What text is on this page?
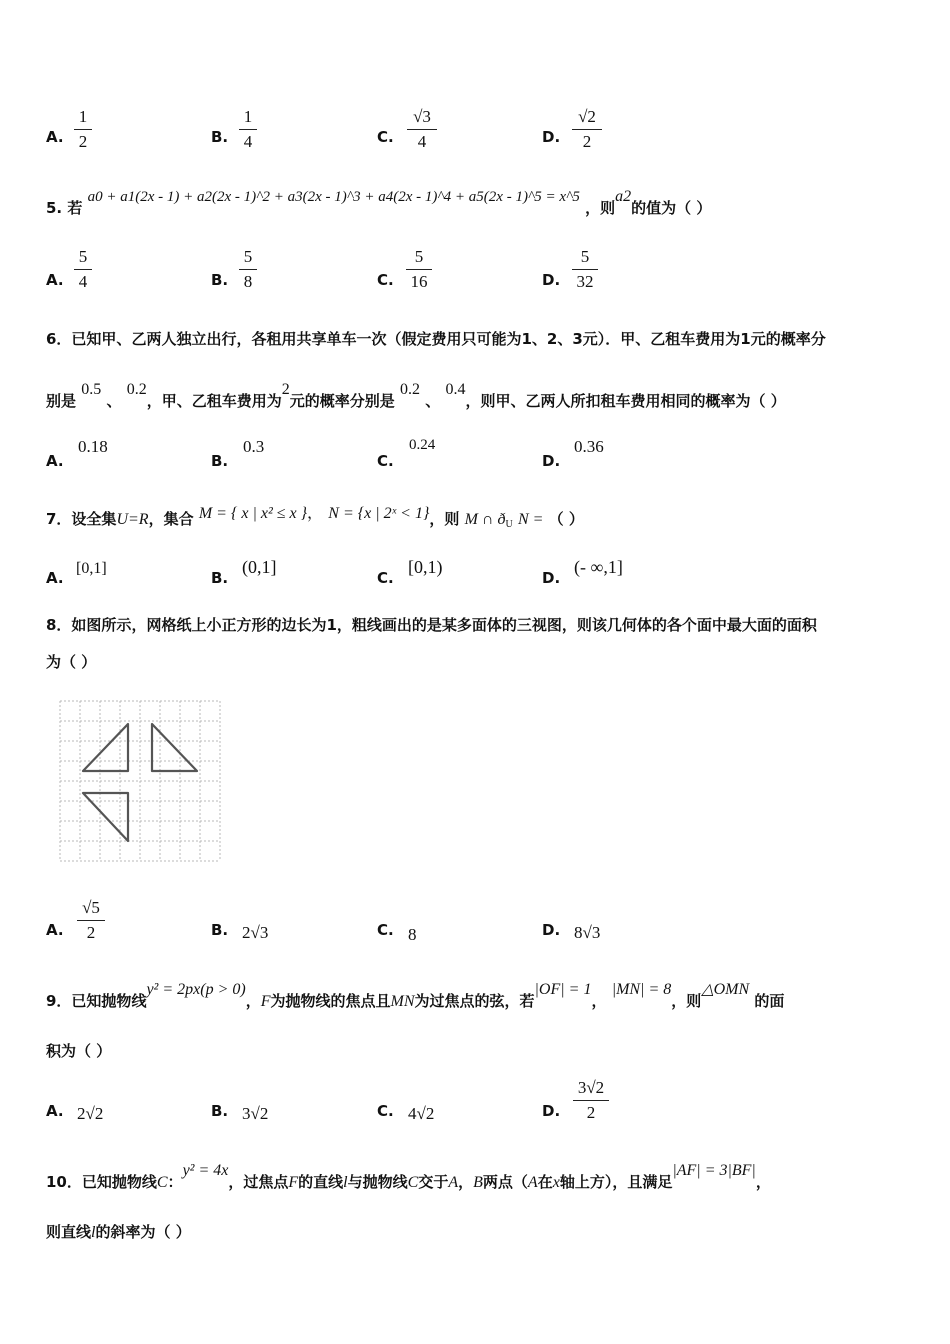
A.
1
2	B.
1
4	C.
√3
4	D.
√2
2
5. 若 a0 + a1(2x - 1) + a2(2x - 1)^2 + a3(2x - 1)^3 + a4(2x - 1)^4 + a5(2x - 1)^5 = x^5 ，则a2的值为（ ）
A.
5
4	B.
5
8	C.
5
16	D.
5
32
6．已知甲、乙两人独立出行，各租用共享单车一次（假定费用只可能为1、2、3元）．甲、乙租车费用为1元的概率分
别是 0.5 、 0.2，甲、乙租车费用为2元的概率分别是 0.2 、 0.4，则甲、乙两人所扣租车费用相同的概率为（ ）
A.
0.18
B.
0.3
C.
0.24
D.
0.36
7．设全集U=R，集合 M = { x | x² ≤ x }， N = {x | 2ˣ < 1}，则 M ∩ $ð_U$ N = （ ）
A.
[0,1]
B.
(0,1]
C.
[0,1)
D.
(- ∞,1]
8．如图所示，网格纸上小正方形的边长为1，粗线画出的是某多面体的三视图，则该几何体的各个面中最大面的面积
为（ ）
A.
√5
2	B. 2√3	C. 8	D. 8√3
9．已知抛物线y² = 2px(p > 0)，F为抛物线的焦点且MN为过焦点的弦，若|OF| = 1， |MN| = 8，则△OMN 的面
积为（ ）
A. 2√2	B. 3√2	C. 4√2	D.
3√2
2
10．已知抛物线C：y² = 4x，过焦点F的直线l与抛物线C交于A，B两点（A在x轴上方），且满足|AF| = 3|BF|，
则直线l的斜率为（ ）
